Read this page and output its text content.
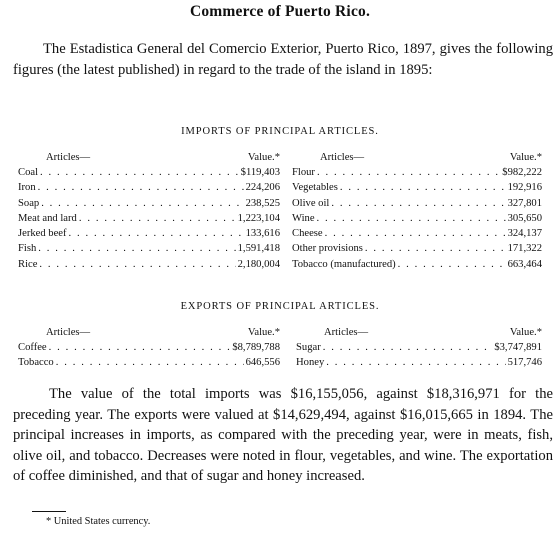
Commerce of Puerto Rico.

The Estadistica General del Comercio Exterior, Puerto Rico, 1897, gives the following figures (the latest published) in regard to the trade of the island in 1895:

IMPORTS OF PRINCIPAL ARTICLES.

Articles—	Value.*
Coal . . .	$119,403
Iron . . .	224,206
Soap . . .	238,525
Meat and lard . . .	1,223,104
Jerked beef . . .	133,616
Fish . . .	1,591,418
Rice . . .	2,180,004
Articles—	Value.*
Flour . . .	$982,222
Vegetables . . .	192,916
Olive oil . . .	327,801
Wine . . .	305,650
Cheese . . .	324,137
Other provisions . . .	171,322
Tobacco (manufactured) . . .	663,464

EXPORTS OF PRINCIPAL ARTICLES.

Articles—	Value.*
Coffee . . .	$8,789,788
Tobacco . . .	646,556
Articles—	Value.*
Sugar . . .	$3,747,891
Honey . . .	517,746

The value of the total imports was $16,155,056, against $18,316,971 for the preceding year. The exports were valued at $14,629,494, against $16,015,665 in 1894. The principal increases in imports, as compared with the preceding year, were in meats, fish, olive oil, and tobacco. Decreases were noted in flour, vegetables, and wine. The exportation of coffee diminished, and that of sugar and honey increased.

* United States currency.
